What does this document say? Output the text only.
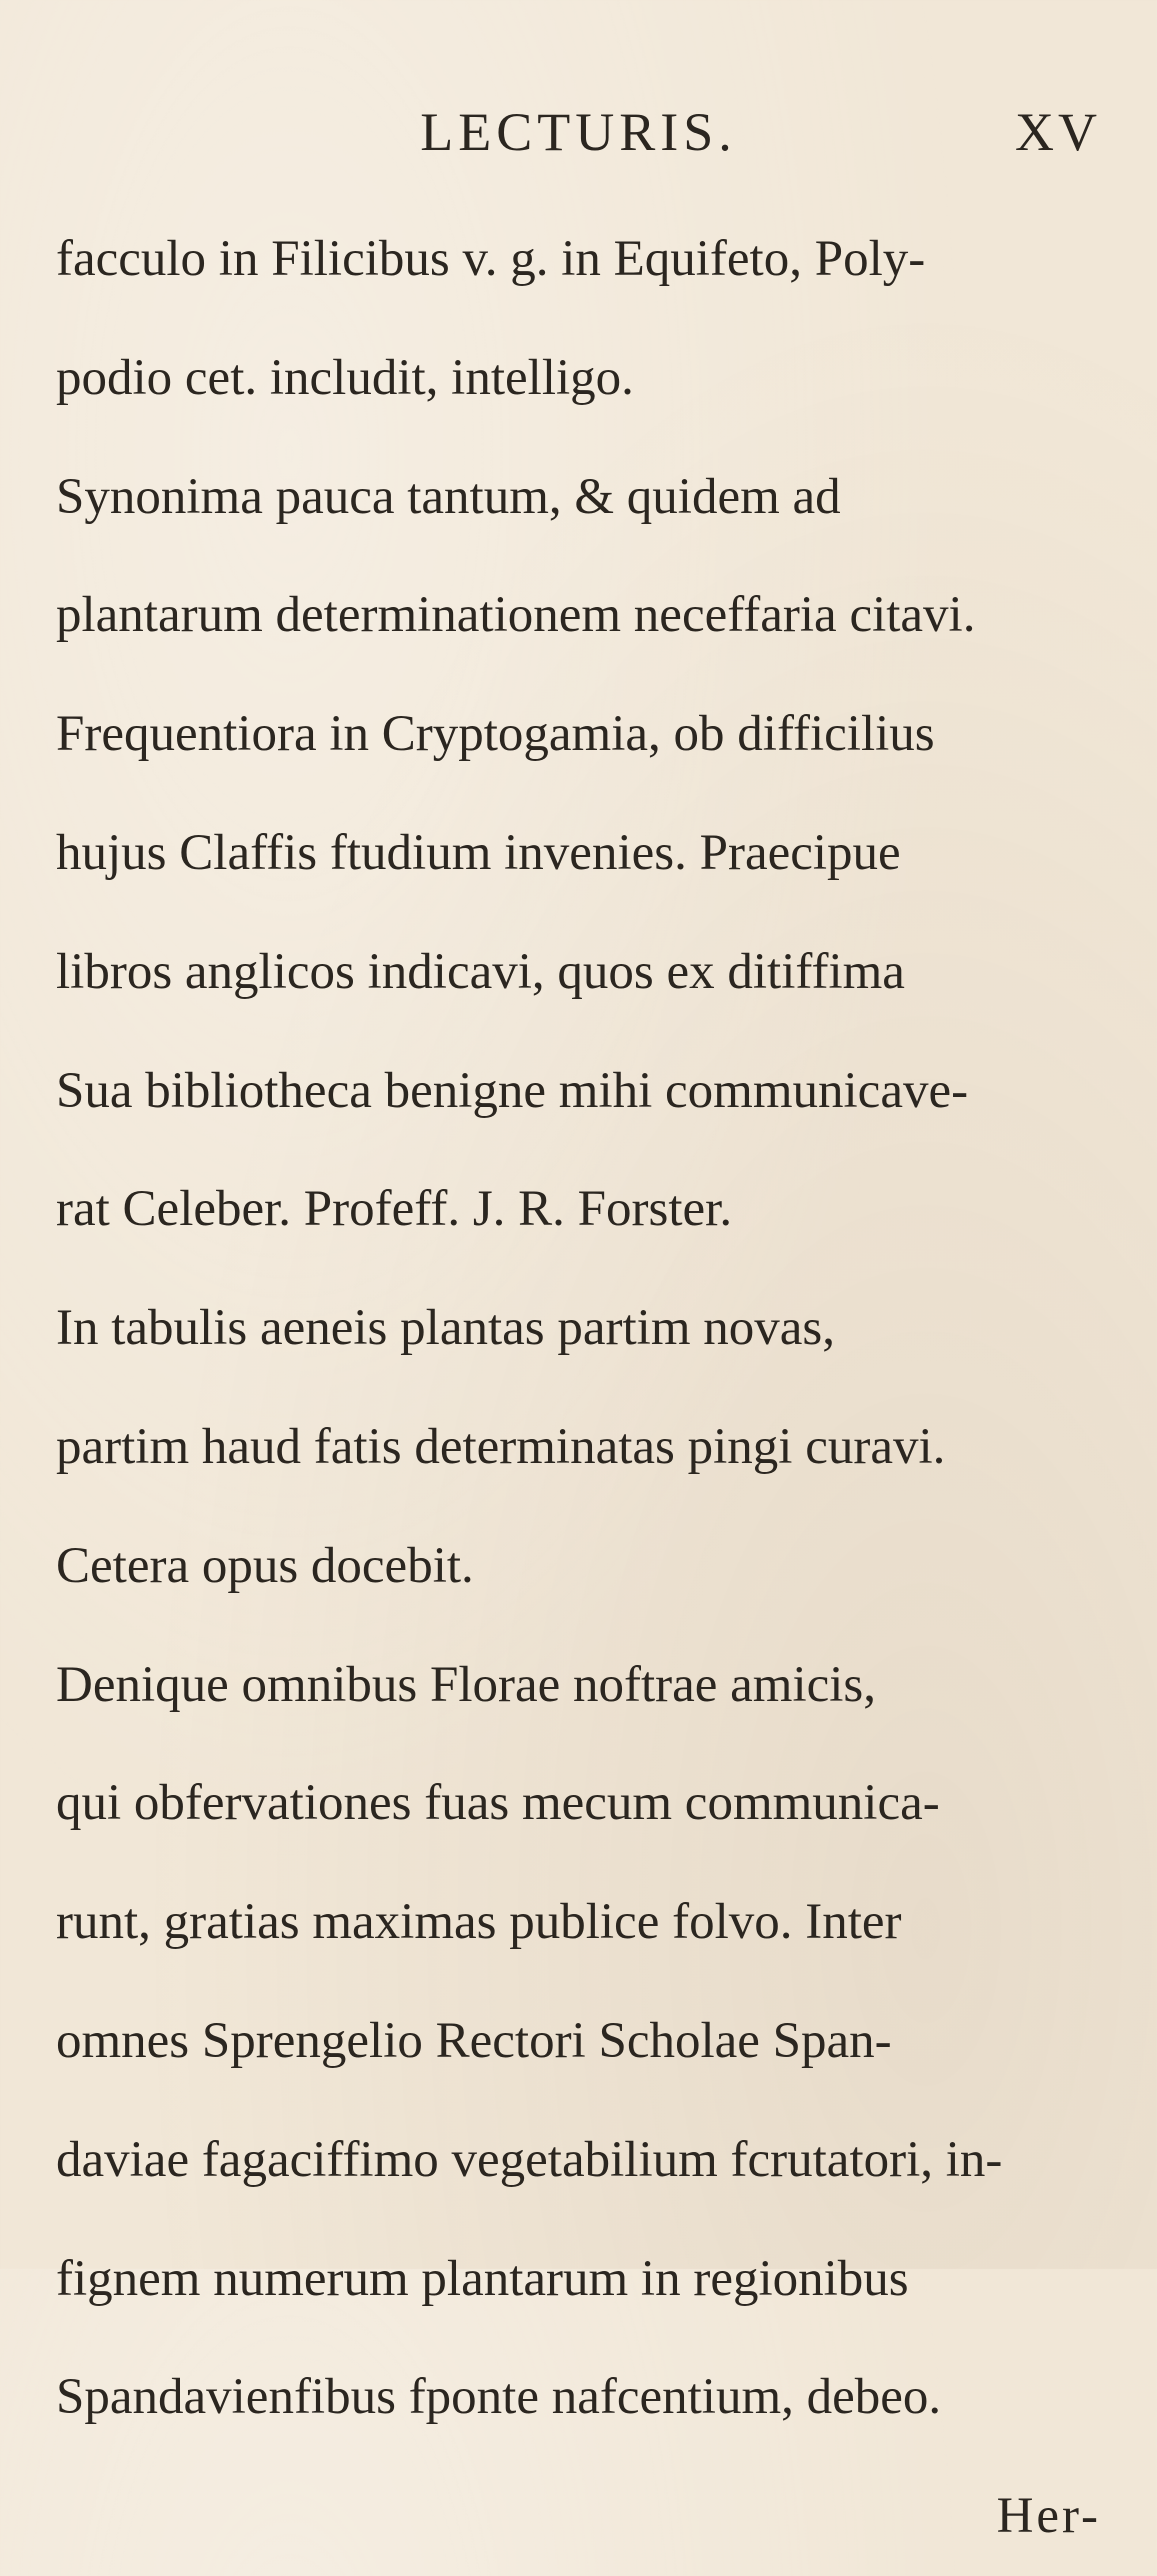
LECTURIS.	XV
facculo in Filicibus v. g. in Equifeto, Poly-
podio cet. includit, intelligo.
Synonima pauca tantum, & quidem ad
plantarum determinationem neceffaria citavi.
Frequentiora in Cryptogamia, ob difficilius
hujus Claffis ftudium invenies. Praecipue
libros anglicos indicavi, quos ex ditiffima
Sua bibliotheca benigne mihi communicave-
rat Celeber. Profeff. J. R. Forster.
In tabulis aeneis plantas partim novas,
partim haud fatis determinatas pingi curavi.
Cetera opus docebit.
Denique omnibus Florae noftrae amicis,
qui obfervationes fuas mecum communica-
runt, gratias maximas publice folvo. Inter
omnes Sprengelio Rectori Scholae Span-
daviae fagaciffimo vegetabilium fcrutatori, in-
fignem numerum plantarum in regionibus
Spandavienfibus fponte nafcentium, debeo.
Her-
